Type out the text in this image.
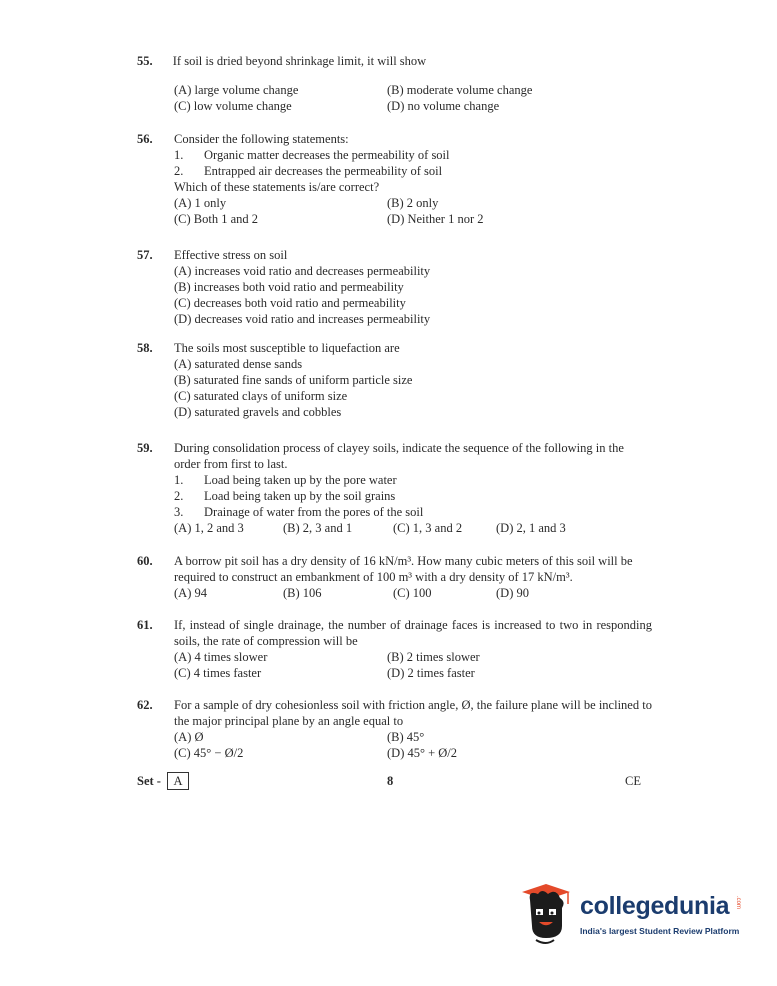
55. If soil is dried beyond shrinkage limit, it will show
(A) large volume change	(B) moderate volume change
(C) low volume change	(D) no volume change
56. Consider the following statements:
1.	Organic matter decreases the permeability of soil
2.	Entrapped air decreases the permeability of soil
Which of these statements is/are correct?
(A) 1 only	(B) 2 only
(C) Both 1 and 2	(D) Neither 1 nor 2
57. Effective stress on soil
(A) increases void ratio and decreases permeability
(B) increases both void ratio and permeability
(C) decreases both void ratio and permeability
(D) decreases void ratio and increases permeability
58. The soils most susceptible to liquefaction are
(A) saturated dense sands
(B) saturated fine sands of uniform particle size
(C) saturated clays of uniform size
(D) saturated gravels and cobbles
59. During consolidation process of clayey soils, indicate the sequence of the following in the order from first to last.
1.	Load being taken up by the pore water
2.	Load being taken up by the soil grains
3.	Drainage of water from the pores of the soil
(A) 1, 2 and 3	(B) 2, 3 and 1	(C) 1, 3 and 2	(D) 2, 1 and 3
60. A borrow pit soil has a dry density of 16 kN/m³. How many cubic meters of this soil will be required to construct an embankment of 100 m³ with a dry density of 17 kN/m³.
(A) 94	(B) 106	(C) 100	(D) 90
61. If, instead of single drainage, the number of drainage faces is increased to two in responding soils, the rate of compression will be
(A) 4 times slower	(B) 2 times slower
(C) 4 times faster	(D) 2 times faster
62. For a sample of dry cohesionless soil with friction angle, Ø, the failure plane will be inclined to the major principal plane by an angle equal to
(A) Ø	(B) 45°
(C) 45° − Ø/2	(D) 45° + Ø/2
Set -	A	8	CE
collegedunia .com
India's largest Student Review Platform
